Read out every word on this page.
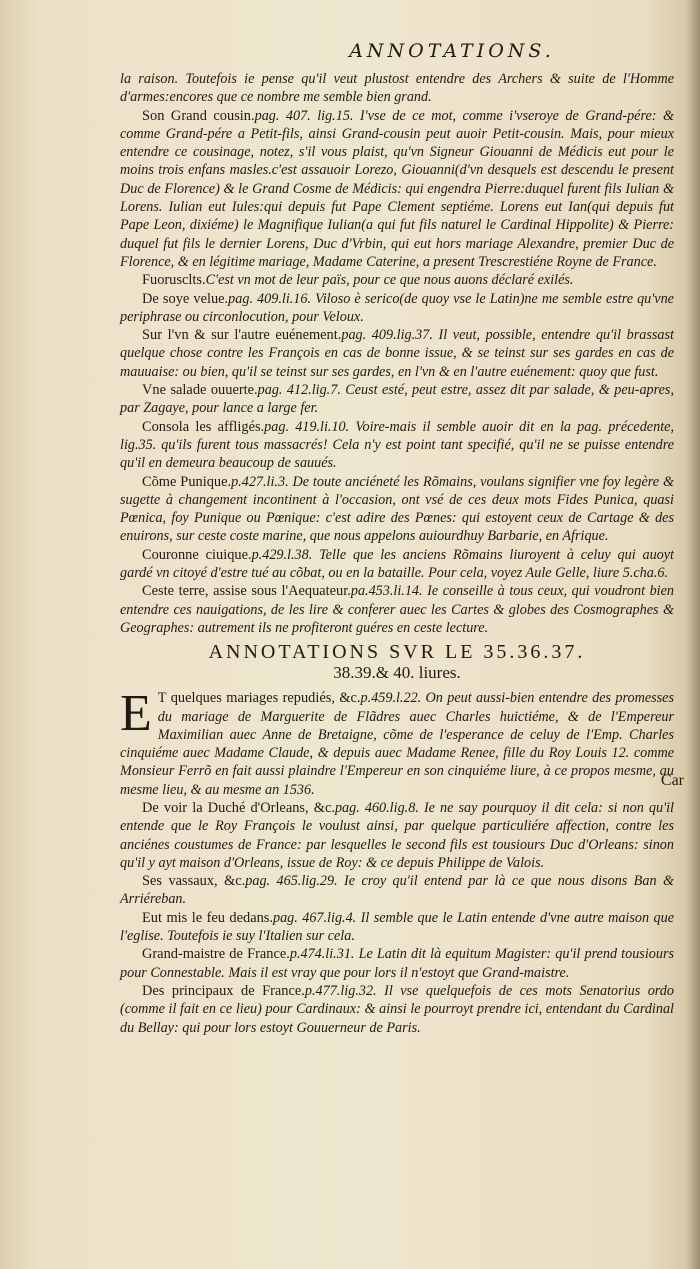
ANNOTATIONS.

la raison. Toutefois ie pense qu'il veut plustost entendre des Archers & suite de l'Homme d'armes:encores que ce nombre me semble bien grand.

Son Grand cousin.pag. 407. lig.15. I'vse de ce mot, comme i'vseroye de Grand-pére: & comme Grand-pére a Petit-fils, ainsi Grand-cousin peut auoir Petit-cousin. Mais, pour mieux entendre ce cousinage, notez, s'il vous plaist, qu'vn Signeur Giouanni de Médicis eut pour le moins trois enfans masles.c'est assauoir Lorezo, Giouanni(d'vn desquels est descendu le present Duc de Florence) & le Grand Cosme de Médicis: qui engendra Pierre:duquel furent fils Iulian & Lorens. Iulian eut Iules:qui depuis fut Pape Clement septiéme. Lorens eut Ian(qui depuis fut Pape Leon, dixiéme) le Magnifique Iulian(a qui fut fils naturel le Cardinal Hippolite) & Pierre: duquel fut fils le dernier Lorens, Duc d'Vrbin, qui eut hors mariage Alexandre, premier Duc de Florence, & en légitime mariage, Madame Caterine, a present Trescrestiéne Royne de France.

Fuorusclts.C'est vn mot de leur païs, pour ce que nous auons déclaré exilés.

De soye velue.pag. 409.li.16. Viloso è serico(de quoy vse le Latin)ne me semble estre qu'vne periphrase ou circonlocution, pour Veloux.

Sur l'vn & sur l'autre euénement.pag. 409.lig.37. Il veut, possible, entendre qu'il brassast quelque chose contre les François en cas de bonne issue, & se teinst sur ses gardes en cas de mauuaise: ou bien, qu'il se teinst sur ses gardes, en l'vn & en l'autre euénement: quoy que fust.

Vne salade ouuerte.pag. 412.lig.7. Ceust esté, peut estre, assez dit par salade, & peu-apres, par Zagaye, pour lance a large fer.

Consola les affligés.pag. 419.li.10. Voire-mais il semble auoir dit en la pag. précedente, lig.35. qu'ils furent tous massacrés! Cela n'y est point tant specifié, qu'il ne se puisse entendre qu'il en demeura beaucoup de sauués.

Cõme Punique.p.427.li.3. De toute anciéneté les Rõmains, voulans signifier vne foy legère & sugette à changement incontinent à l'occasion, ont vsé de ces deux mots Fides Punica, quasi Pœnica, foy Punique ou Pœnique: c'est adire des Pœnes: qui estoyent ceux de Cartage & des enuirons, sur ceste coste marine, que nous appelons auiourdhuy Barbarie, en Afrique.

Couronne ciuique.p.429.l.38. Telle que les anciens Rõmains liuroyent à celuy qui auoyt gardé vn citoyé d'estre tué au cõbat, ou en la bataille. Pour cela, voyez Aule Gelle, liure 5.cha.6.

Ceste terre, assise sous l'Aequateur.pa.453.li.14. Ie conseille à tous ceux, qui voudront bien entendre ces nauigations, de les lire & conferer auec les Cartes & globes des Cosmographes & Geographes: autrement ils ne profiteront guéres en ceste lecture.

ANNOTATIONS SVR LE 35.36.37.
38.39.& 40. liures.

E T quelques mariages repudiés, &c.p.459.l.22. On peut aussi-bien entendre des promesses du mariage de Marguerite de Flãdres auec Charles huictiéme, & de l'Empereur Maximilian auec Anne de Bretaigne, cõme de l'esperance de celuy de l'Emp. Charles cinquiéme auec Madame Claude, & depuis auec Madame Renee, fille du Roy Louis 12. comme Monsieur Ferrõ en fait aussi plaindre l'Empereur en son cinquiéme liure, à ce propos mesme, au mesme lieu, & au mesme an 1536.

De voir la Duché d'Orleans, &c.pag. 460.lig.8. Ie ne say pourquoy il dit cela: si non qu'il entende que le Roy François le voulust ainsi, par quelque particuliére affection, contre les anciénes coustumes de France: par lesquelles le second fils est tousiours Duc d'Orleans: sinon qu'il y ayt maison d'Orleans, issue de Roy: & ce depuis Philippe de Valois.

Ses vassaux, &c.pag. 465.lig.29. Ie croy qu'il entend par là ce que nous disons Ban & Arriéreban.

Eut mis le feu dedans.pag. 467.lig.4. Il semble que le Latin entende d'vne autre maison que l'eglise. Toutefois ie suy l'Italien sur cela.

Grand-maistre de France.p.474.li.31. Le Latin dit là equitum Magister: qu'il prend tousiours pour Connestable. Mais il est vray que pour lors il n'estoyt que Grand-maistre.

Des principaux de France.p.477.lig.32. Il vse quelquefois de ces mots Senatorius ordo (comme il fait en ce lieu) pour Cardinaux: & ainsi le pourroyt prendre ici, entendant du Cardinal du Bellay: qui pour lors estoyt Gouuerneur de Paris.

Car
